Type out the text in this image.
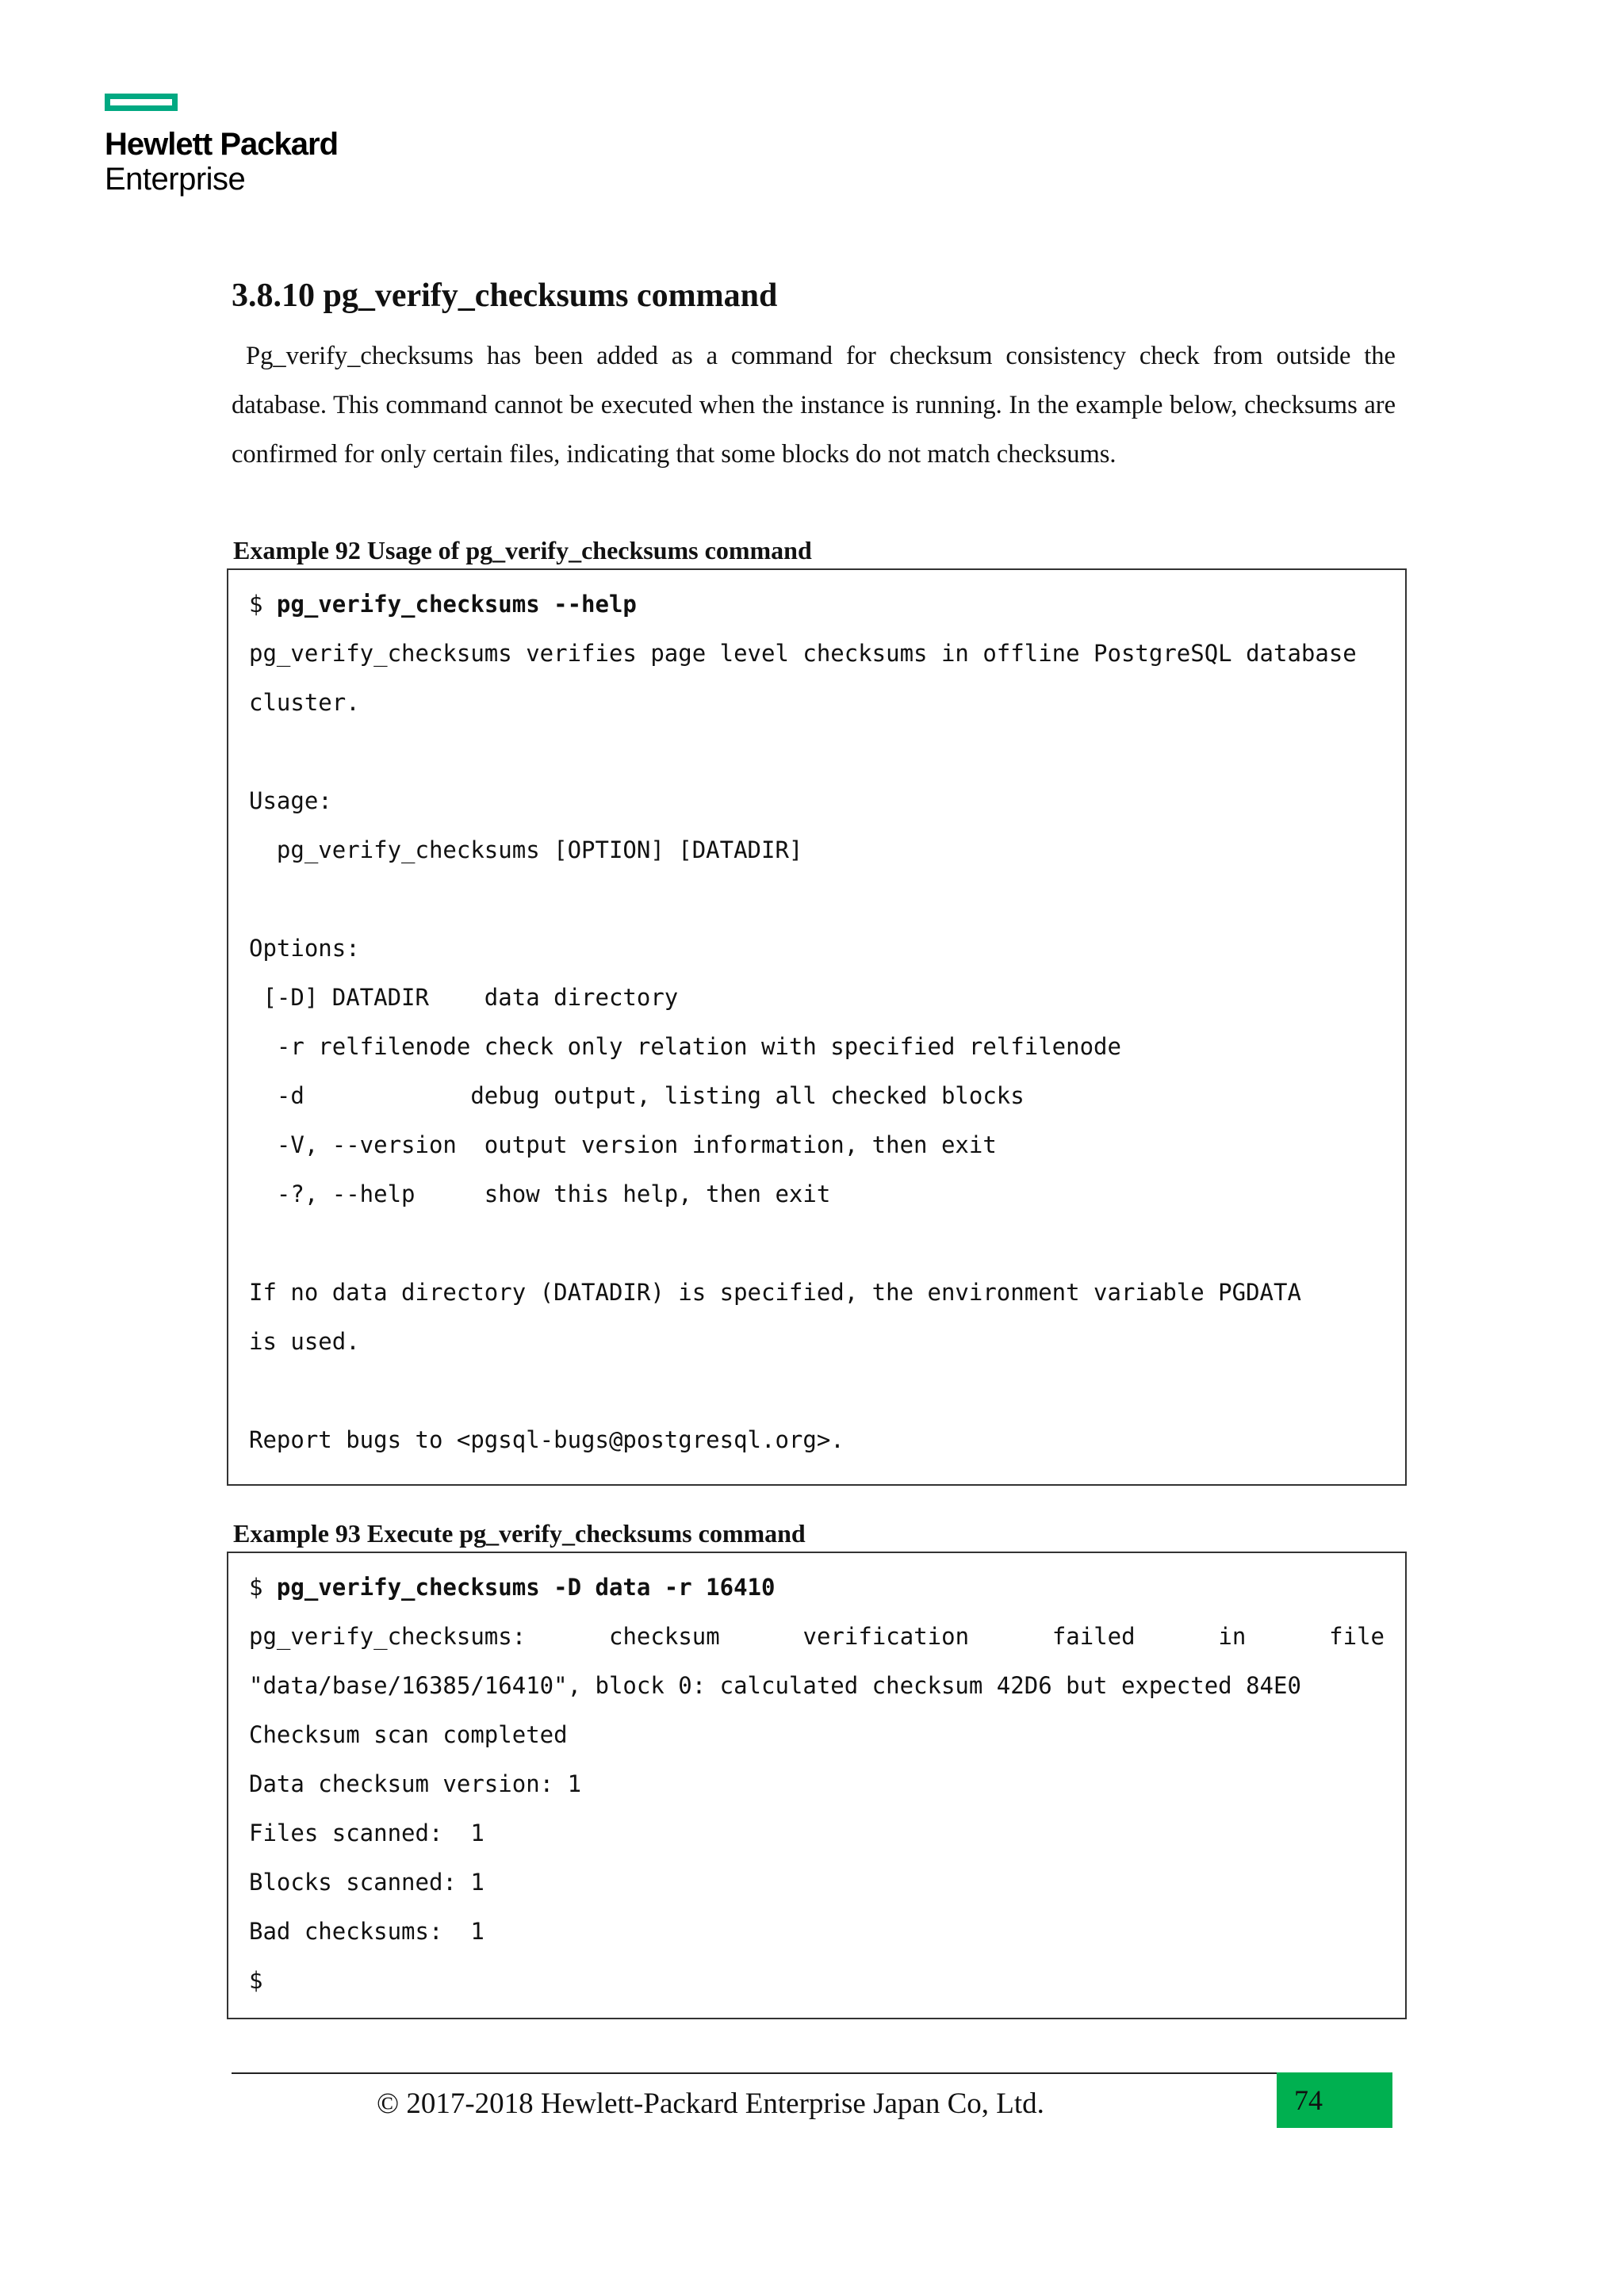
Hewlett Packard
Enterprise
3.8.10 pg_verify_checksums command

Pg_verify_checksums has been added as a command for checksum consistency check from outside the database. This command cannot be executed when the instance is running. In the example below, checksums are confirmed for only certain files, indicating that some blocks do not match checksums.

Example 92 Usage of pg_verify_checksums command

$ pg_verify_checksums --help
pg_verify_checksums verifies page level checksums in offline PostgreSQL database
cluster.
Usage:
pg_verify_checksums [OPTION] [DATADIR]
Options:
[-D] DATADIR    data directory
-r relfilenode check only relation with specified relfilenode
-d            debug output, listing all checked blocks
-V, --version  output version information, then exit
-?, --help     show this help, then exit
If no data directory (DATADIR) is specified, the environment variable PGDATA
is used.
Report bugs to <pgsql-bugs@postgresql.org>.

Example 93 Execute pg_verify_checksums command

$ pg_verify_checksums -D data -r 16410
pg_verify_checksums:	checksum	verification	failed	in	file
"data/base/16385/16410", block 0: calculated checksum 42D6 but expected 84E0
Checksum scan completed
Data checksum version: 1
Files scanned:  1
Blocks scanned: 1
Bad checksums:  1
$
© 2017-2018 Hewlett-Packard Enterprise Japan Co, Ltd.	74
